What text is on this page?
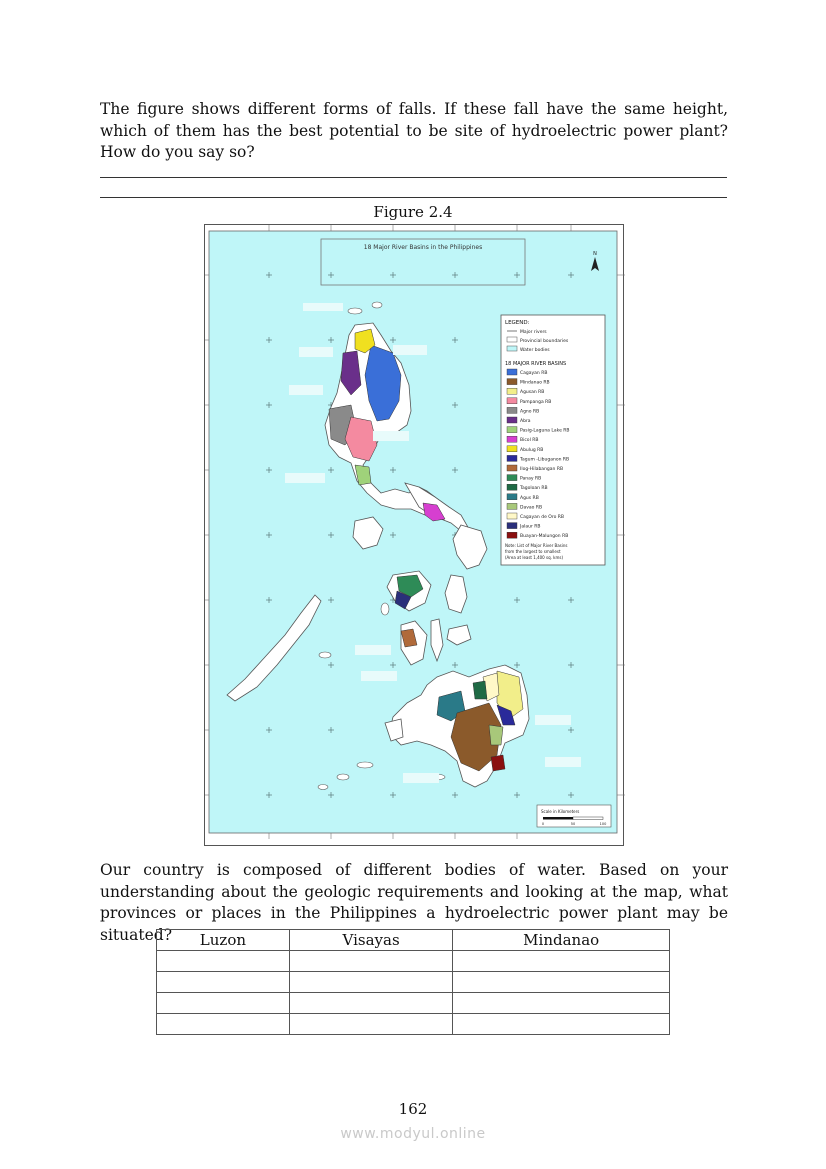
The figure shows different forms of falls. If these fall have the same height, which of them has the best potential to be site of hydroelectric power plant? How do you say so?
Figure 2.4
18 Major River Basins in the Philippines
N
LEGEND:
Major rivers
Provincial boundaries
Water bodies
18 MAJOR RIVER BASINS
Cagayan RB
Mindanao RB
Agusan RB
Pampanga RB
Agno RB
Abra
Pasig-Laguna Lake RB
Bicol RB
Abulug RB
Tagum -Libuganon RB
Ilog-Hilabangan RB
Panay RB
Tagoloan RB
Agus RB
Davao RB
Cagayan de Oro RB
Jalaur RB
Buayan-Malungon RB
Note: List of Major River Basins
from the largest to smallest
(Area at least 1,400 sq. kms)
Scale in Kilometers
0	50	100
Our country is composed of different bodies of water. Based on your understanding about the geologic requirements and looking at the map, what provinces or places in the Philippines a hydroelectric power plant may be situated?	Luzon	Visayas	Mindanao

162
www.modyul.online
